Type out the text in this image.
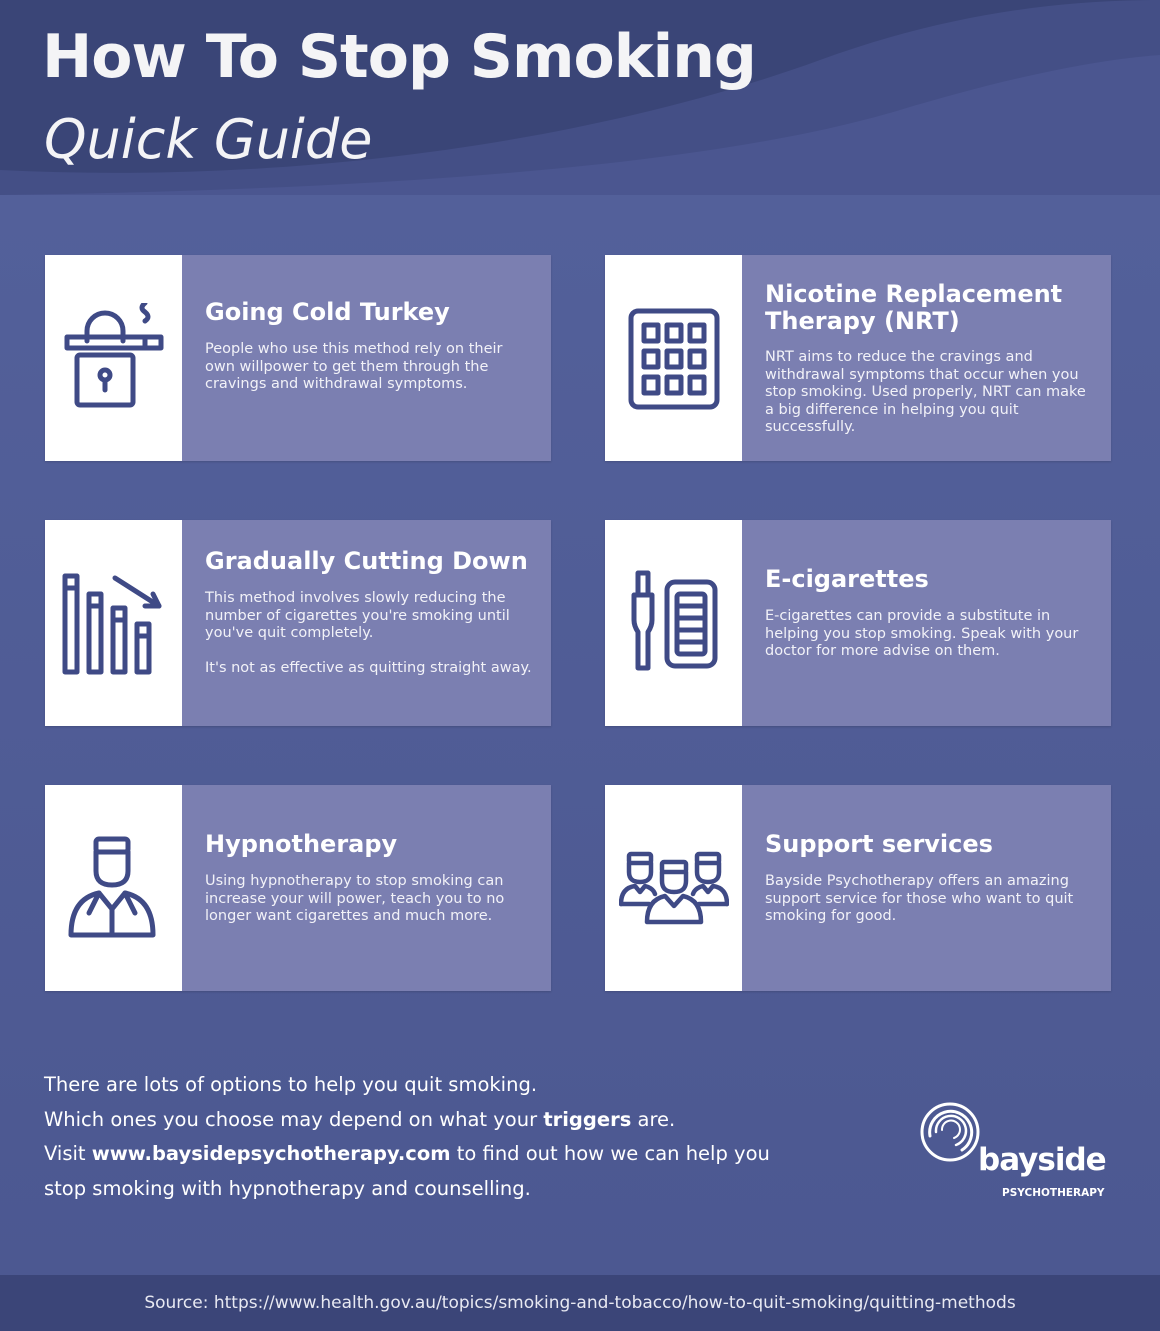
How To Stop Smoking
Quick Guide
Going Cold Turkey

People who use this method rely on their own willpower to get them through the cravings and withdrawal symptoms.

Nicotine Replacement Therapy (NRT)

NRT aims to reduce the cravings and withdrawal symptoms that occur when you stop smoking. Used properly, NRT can make a big difference in helping you quit successfully.

Gradually Cutting Down

This method involves slowly reducing the number of cigarettes you're smoking until you've quit completely.

It's not as effective as quitting straight away.

E-cigarettes

E-cigarettes can provide a substitute in helping you stop smoking. Speak with your doctor for more advise on them.

Hypnotherapy

Using hypnotherapy to stop smoking can increase your will power, teach you to no longer want cigarettes and much more.

Support services

Bayside Psychotherapy offers an amazing support service for those who want to quit smoking for good.

There are lots of options to help you quit smoking.
Which ones you choose may depend on what your triggers are.
Visit www.baysidepsychotherapy.com to find out how we can help you
stop smoking with hypnotherapy and counselling.
bayside
PSYCHOTHERAPY
Source: https://www.health.gov.au/topics/smoking-and-tobacco/how-to-quit-smoking/quitting-methods
